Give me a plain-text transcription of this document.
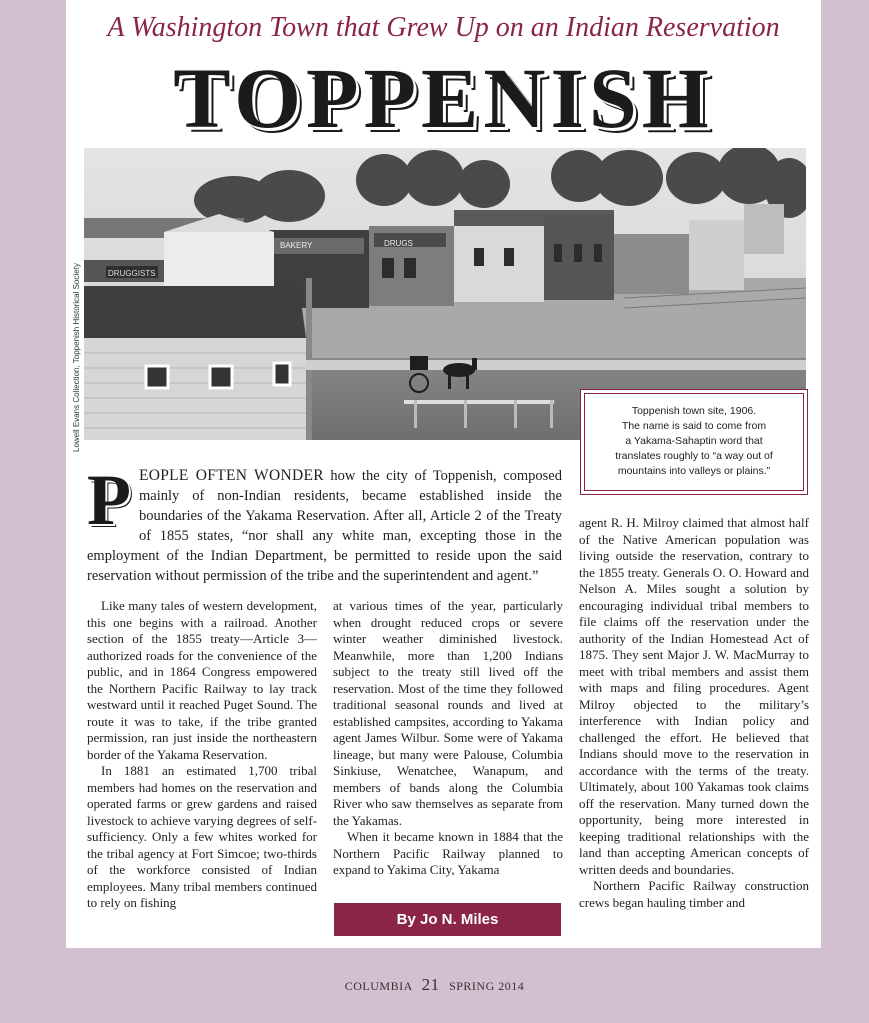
A Washington Town that Grew Up on an Indian Reservation
TOPPENISH
DRUGGISTS
DRUGS
BAKERY
Lowell Evans Collection, Toppenish Historical Society	Toppenish town site, 1906.
The name is said to come from
a Yakama-Sahaptin word that
translates roughly to “a way out of
mountains into valleys or plains.”

PEOPLE OFTEN WONDER how the city of Toppenish, composed mainly of non-Indian residents, became established inside the boundaries of the Yakama Reservation. After all, Article 2 of the Treaty of 1855 states, “nor shall any white man, excepting those in the employment of the Indian Department, be permitted to reside upon the said reservation without permission of the tribe and the superintendent and agent.”

Like many tales of western development, this one begins with a railroad. Another section of the 1855 treaty—Article 3—authorized roads for the convenience of the public, and in 1864 Congress empowered the Northern Pacific Railway to lay track westward until it reached Puget Sound. The route it was to take, if the tribe granted permission, ran just inside the northeastern border of the Yakama Reservation.

In 1881 an estimated 1,700 tribal members had homes on the reservation and operated farms or grew gardens and raised livestock to achieve varying degrees of self-sufficiency. Only a few whites worked for the tribal agency at Fort Simcoe; two-thirds of the workforce consisted of Indian employees. Many tribal members continued to rely on fishing

at various times of the year, particularly when drought reduced crops or severe winter weather diminished livestock. Meanwhile, more than 1,200 Indians subject to the treaty still lived off the reservation. Most of the time they followed traditional seasonal rounds and lived at established campsites, according to Yakama agent James Wilbur. Some were of Yakama lineage, but many were Palouse, Columbia Sinkiuse, Wenatchee, Wanapum, and members of bands along the Columbia River who saw themselves as separate from the Yakamas.

When it became known in 1884 that the Northern Pacific Railway planned to expand to Yakima City, Yakama

agent R. H. Milroy claimed that almost half of the Native American population was living outside the reservation, contrary to the 1855 treaty. Generals O. O. Howard and Nelson A. Miles sought a solution by encouraging individual tribal members to file claims off the reservation under the authority of the Indian Homestead Act of 1875. They sent Major J. W. MacMurray to meet with tribal members and assist them with maps and filing procedures. Agent Milroy objected to the military’s interference with Indian policy and challenged the effort. He believed that Indians should move to the reservation in accordance with the terms of the treaty. Ultimately, about 100 Yakamas took claims off the reservation. Many turned down the opportunity, being more interested in keeping traditional relationships with the land than accepting American concepts of written deeds and boundaries.

Northern Pacific Railway construction crews began hauling timber and

By Jo N. Miles
COLUMBIA 21 SPRING 2014
